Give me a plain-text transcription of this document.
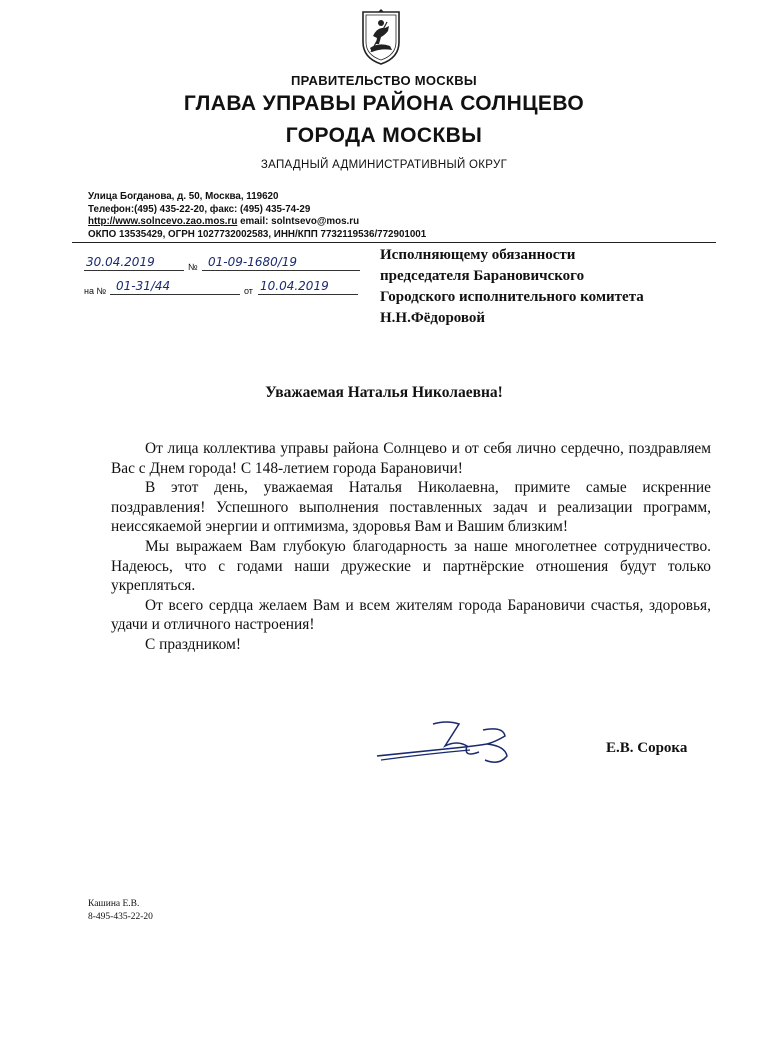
ПРАВИТЕЛЬСТВО МОСКВЫ
ГЛАВА УПРАВЫ РАЙОНА СОЛНЦЕВО
ГОРОДА МОСКВЫ
ЗАПАДНЫЙ АДМИНИСТРАТИВНЫЙ ОКРУГ
Улица Богданова, д. 50, Москва, 119620
Телефон:(495) 435-22-20, факс: (495) 435-74-29
http://www.solncevo.zao.mos.ru email: solntsevo@mos.ru
ОКПО 13535429, ОГРН 1027732002583, ИНН/КПП 7732119536/772901001
30.04.2019	№ 01-09-1680/19
на № 01-31/44	от 10.04.2019
Исполняющему обязанности
председателя Барановичского
Городского исполнительного комитета
Н.Н.Фёдоровой
Уважаемая Наталья Николаевна!

От лица коллектива управы района Солнцево и от себя лично сердечно, поздравляем Вас с Днем города! С 148-летием города Барановичи!

В этот день, уважаемая Наталья Николаевна, примите самые искренние поздравления! Успешного выполнения поставленных задач и реализации программ, неиссякаемой энергии и оптимизма, здоровья Вам и Вашим близким!

Мы выражаем Вам глубокую благодарность за наше многолетнее сотрудничество. Надеюсь, что с годами наши дружеские и партнёрские отношения будут только укрепляться.

От всего сердца желаем Вам и всем жителям города Барановичи счастья, здоровья, удачи и отличного настроения!

С праздником!

Е.В. Сорока
Кашина Е.В.
8-495-435-22-20
